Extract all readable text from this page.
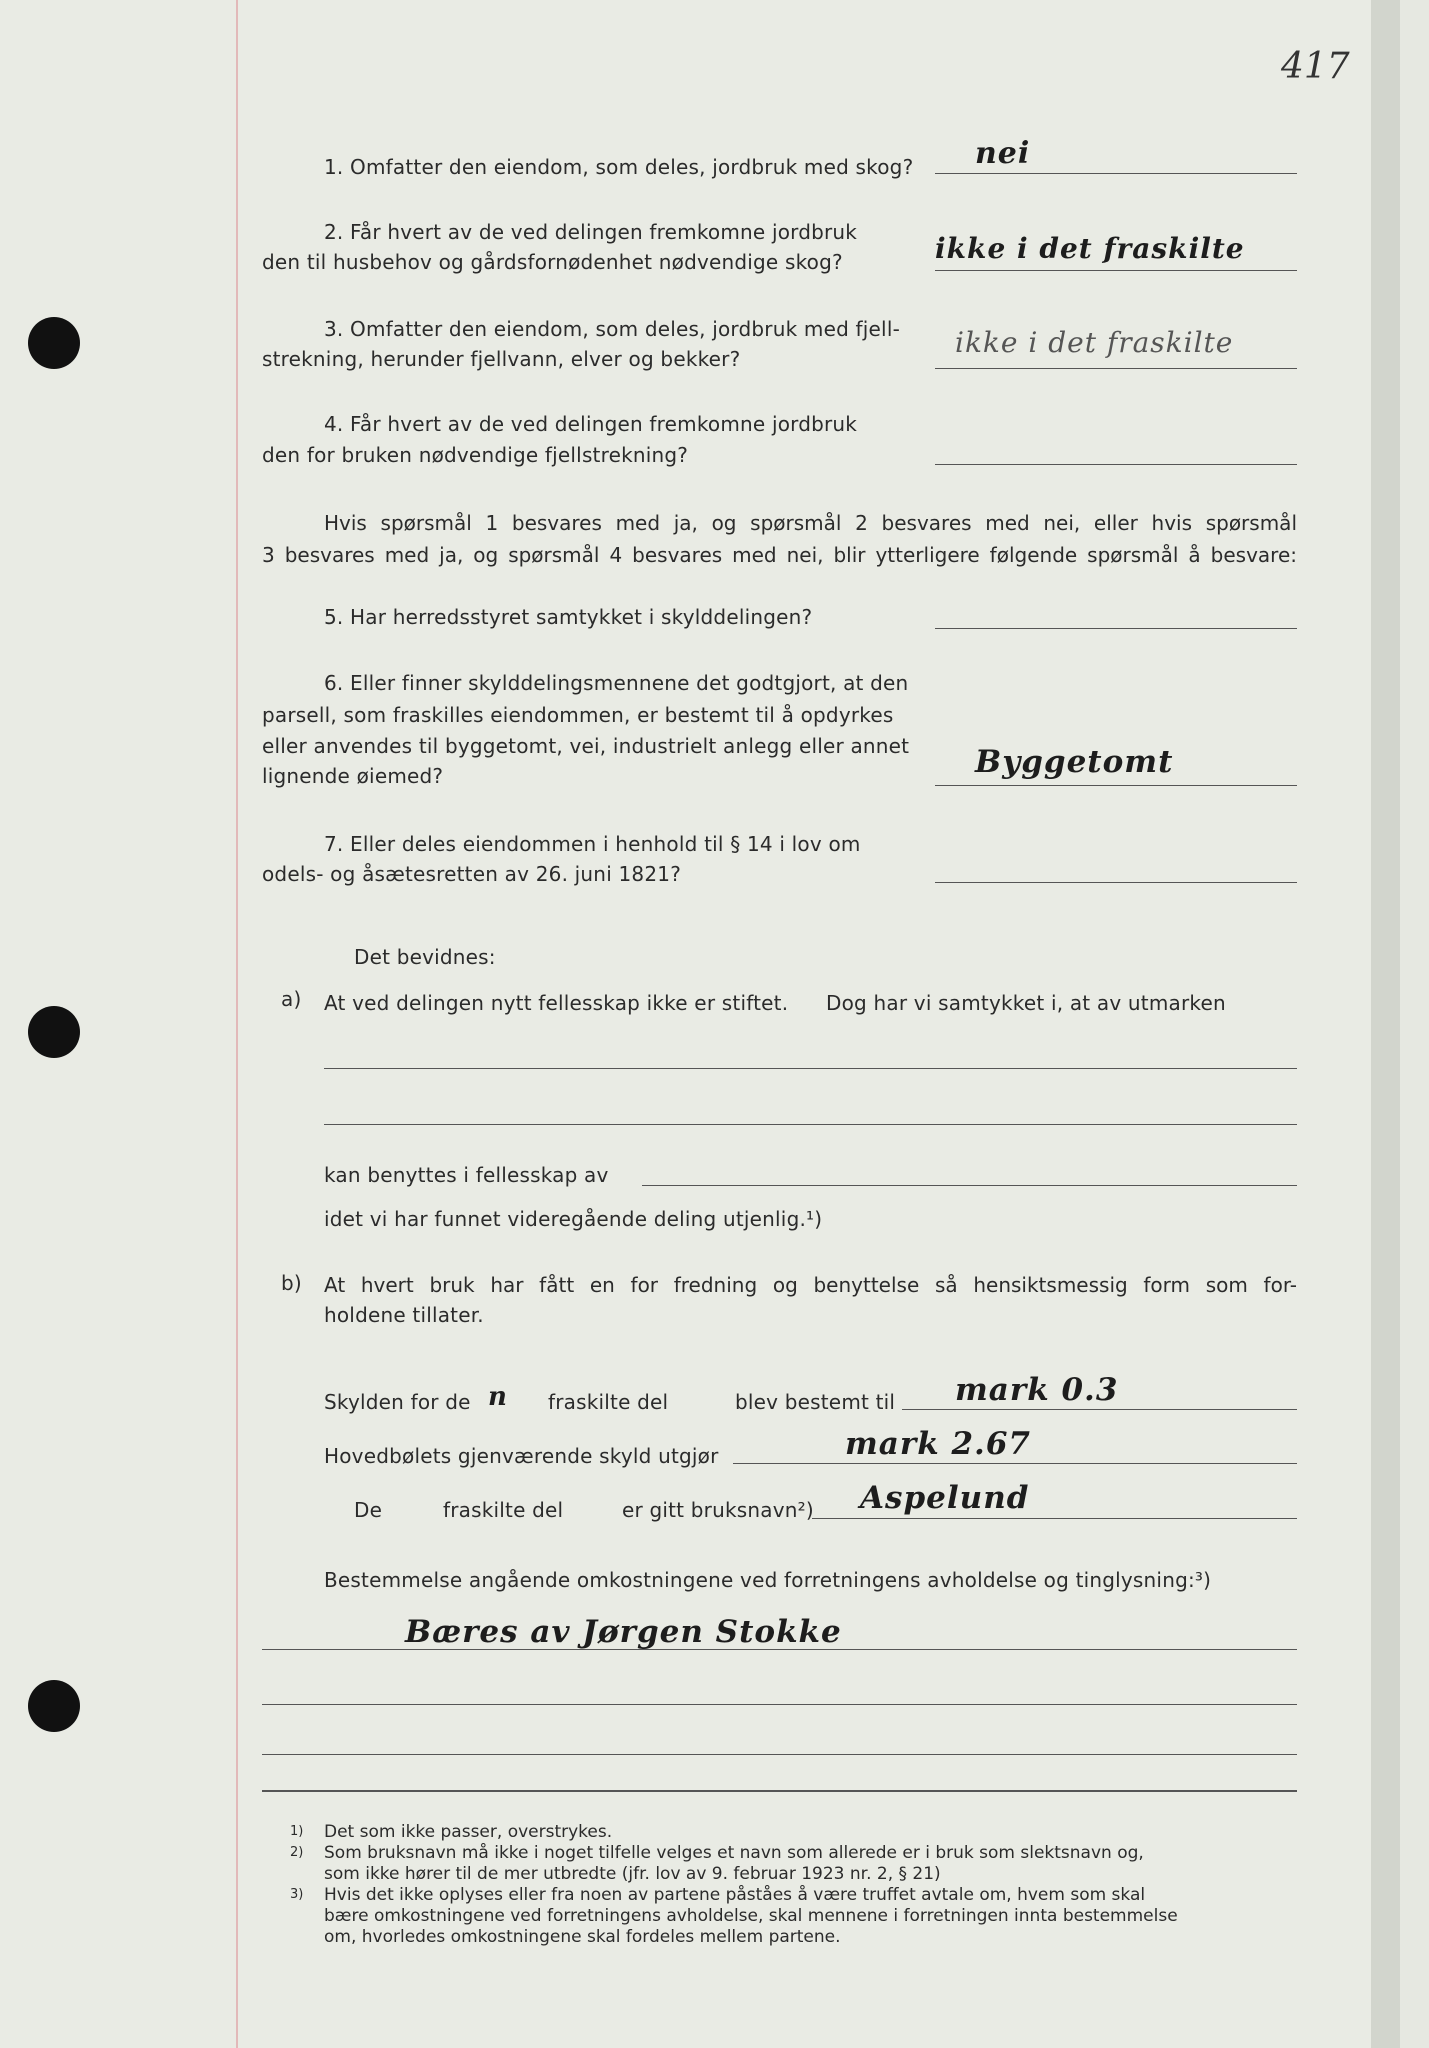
417
1. Omfatter den eiendom, som deles, jordbruk med skog? nei
2. Får hvert av de ved delingen fremkomne jordbruk
den til husbehov og gårdsfornødenhet nødvendige skog?	ikke i det fraskilte
3. Omfatter den eiendom, som deles, jordbruk med fjell-
strekning, herunder fjellvann, elver og bekker?	ikke i det fraskilte
4. Får hvert av de ved delingen fremkomne jordbruk
den for bruken nødvendige fjellstrekning?
Hvis spørsmål 1 besvares med ja, og spørsmål 2 besvares med nei, eller hvis spørsmål
3 besvares med ja, og spørsmål 4 besvares med nei, blir ytterligere følgende spørsmål å besvare:
5. Har herredsstyret samtykket i skylddelingen?
6. Eller finner skylddelingsmennene det godtgjort, at den
parsell, som fraskilles eiendommen, er bestemt til å opdyrkes
eller anvendes til byggetomt, vei, industrielt anlegg eller annet
lignende øiemed?	Byggetomt
7. Eller deles eiendommen i henhold til § 14 i lov om
odels- og åsætesretten av 26. juni 1821?
Det bevidnes:
a) At ved delingen nytt fellesskap ikke er stiftet. Dog har vi samtykket i, at av utmarken
kan benyttes i fellesskap av
idet vi har funnet videregående deling utjenlig.¹)
b) At hvert bruk har fått en for fredning og benyttelse så hensiktsmessig form som for-
holdene tillater.
Skylden for de n fraskilte del	blev bestemt til mark 0.3
Hovedbølets gjenværende skyld utgjør	mark 2.67
De	fraskilte del	er gitt bruksnavn²) Aspelund
Bestemmelse angående omkostningene ved forretningens avholdelse og tinglysning:³)
Bæres av Jørgen Stokke
1) Det som ikke passer, overstrykes.
2) Som bruksnavn må ikke i noget tilfelle velges et navn som allerede er i bruk som slektsnavn og,
som ikke hører til de mer utbredte (jfr. lov av 9. februar 1923 nr. 2, § 21)
3) Hvis det ikke oplyses eller fra noen av partene påståes å være truffet avtale om, hvem som skal
bære omkostningene ved forretningens avholdelse, skal mennene i forretningen innta bestemmelse
om, hvorledes omkostningene skal fordeles mellem partene.
